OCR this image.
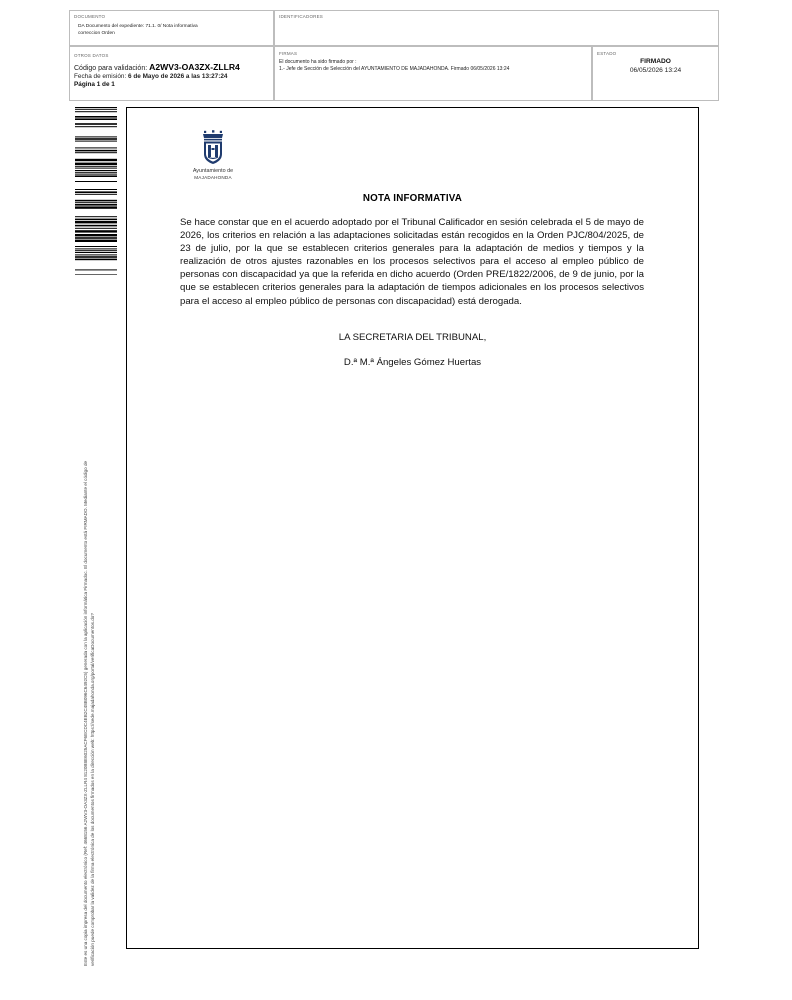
DOCUMENTO
DA Documento del expediente: 71.1. 0/ Nota informativa
correccion Orden
IDENTIFICADORES
OTROS DATOS
Código para validación: A2WV3-OA3ZX-ZLLR4
Fecha de emisión: 6 de Mayo de 2026 a las 13:27:24
Página 1 de 1
FIRMAS
El documento ha sido firmado por :
1.- Jefe de Sección de Selección del AYUNTAMIENTO DE MAJADAHONDA. Firmado 06/05/2026 13:24
ESTADO
FIRMADO
06/05/2026 13:24
Este es una copia impresa del documento electrónico (Ref: 4668156 A2WV3-OA3ZX-ZLLR4 8120B8E6025ACF6ECDC4EB2C48B096C6492C5) generada con la aplicación informática Firmadoc. El documento está FIRMADO. Mediante el código de verificación puede comprobar la validez de la firma electrónica de los documentos firmados en la dirección web: https://sede.majadahonda.org/portal/verificaDocumentos.do?
Ayuntamiento de
MAJADAHONDA
NOTA INFORMATIVA

Se hace constar que en el acuerdo adoptado por el Tribunal Calificador en sesión celebrada el 5 de mayo de 2026, los criterios en relación a las adaptaciones solicitadas están recogidos en la Orden PJC/804/2025, de 23 de julio, por la que se establecen criterios generales para la adaptación de medios y tiempos y la realización de otros ajustes razonables en los procesos selectivos para el acceso al empleo público de personas con discapacidad ya que la referida en dicho acuerdo (Orden PRE/1822/2006, de 9 de junio, por la que se establecen criterios generales para la adaptación de tiempos adicionales en los procesos selectivos para el acceso al empleo público de personas con discapacidad) está derogada.

LA SECRETARIA DEL TRIBUNAL,
D.ª M.ª Ángeles Gómez Huertas
